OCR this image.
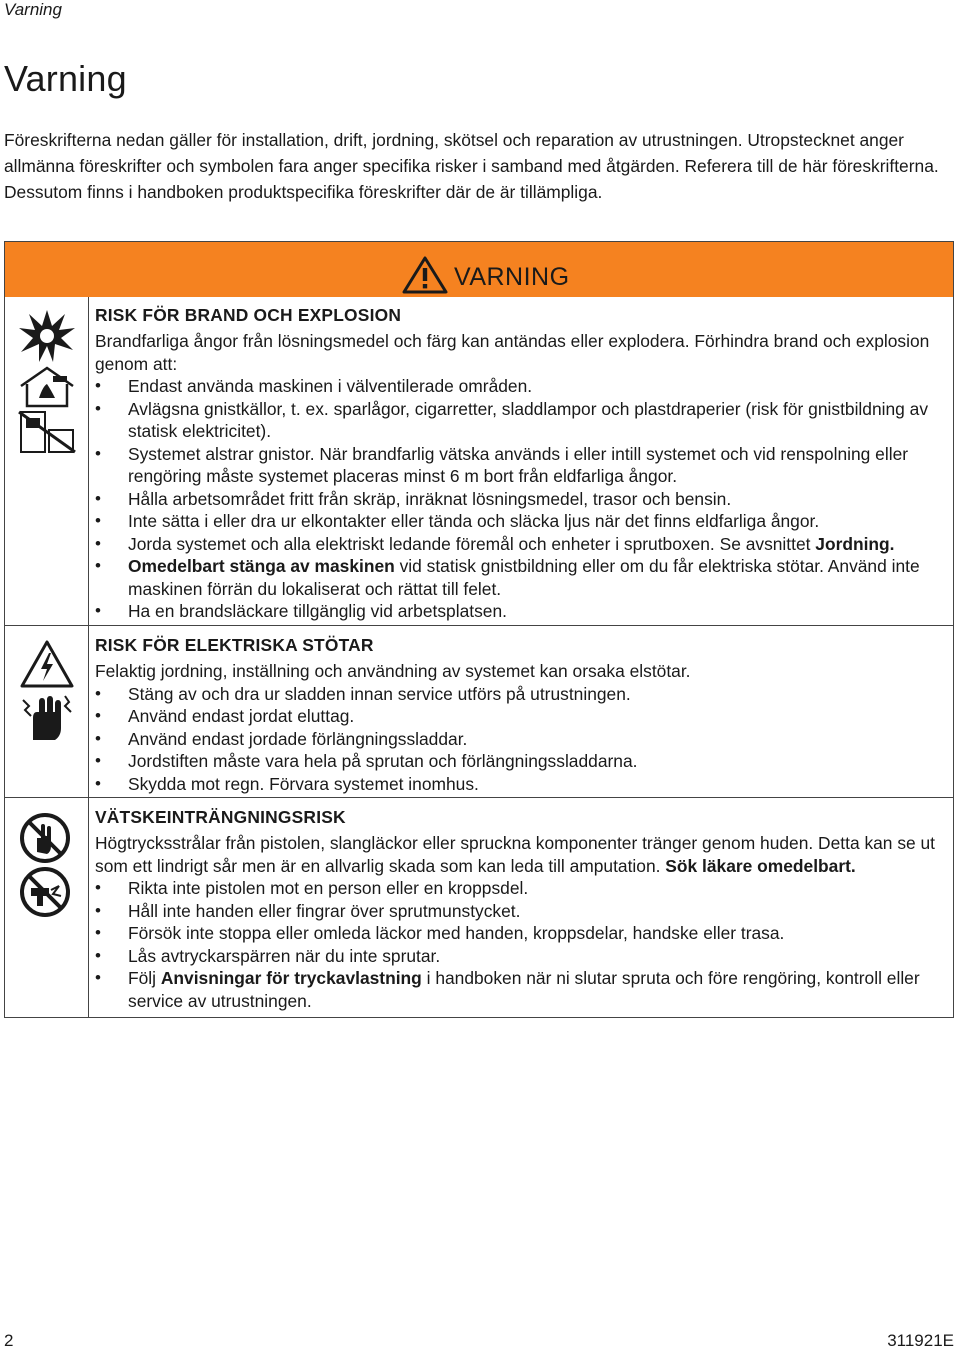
Varning
Varning

Föreskrifterna nedan gäller för installation, drift, jordning, skötsel och reparation av utrustningen. Utropstecknet anger allmänna föreskrifter och symbolen fara anger specifika risker i samband med åtgärden. Referera till de här föreskrifterna. Dessutom finns i handboken produktspecifika föreskrifter där de är tillämpliga.

VARNING
RISK FÖR BRAND OCH EXPLOSION

Brandfarliga ångor från lösningsmedel och färg kan antändas eller explodera. Förhindra brand och explosion genom att:

• Endast använda maskinen i välventilerade områden.
• Avlägsna gnistkällor, t. ex. sparlågor, cigarretter, sladdlampor och plastdraperier (risk för gnistbildning av statisk elektricitet).
• Systemet alstrar gnistor. När brandfarlig vätska används i eller intill systemet och vid renspolning eller rengöring måste systemet placeras minst 6 m bort från eldfarliga ångor.
• Hålla arbetsområdet fritt från skräp, inräknat lösningsmedel, trasor och bensin.
• Inte sätta i eller dra ur elkontakter eller tända och släcka ljus när det finns eldfarliga ångor.
• Jorda systemet och alla elektriskt ledande föremål och enheter i sprutboxen. Se avsnittet Jordning.
• Omedelbart stänga av maskinen vid statisk gnistbildning eller om du får elektriska stötar. Använd inte maskinen förrän du lokaliserat och rättat till felet.
• Ha en brandsläckare tillgänglig vid arbetsplatsen.
RISK FÖR ELEKTRISKA STÖTAR

Felaktig jordning, inställning och användning av systemet kan orsaka elstötar.

• Stäng av och dra ur sladden innan service utförs på utrustningen.
• Använd endast jordat eluttag.
• Använd endast jordade förlängningssladdar.
• Jordstiften måste vara hela på sprutan och förlängningssladdarna.
• Skydda mot regn. Förvara systemet inomhus.
VÄTSKEINTRÄNGNINGSRISK

Högtrycksstrålar från pistolen, slangläckor eller spruckna komponenter tränger genom huden. Detta kan se ut som ett lindrigt sår men är en allvarlig skada som kan leda till amputation. Sök läkare omedelbart.

• Rikta inte pistolen mot en person eller en kroppsdel.
• Håll inte handen eller fingrar över sprutmunstycket.
• Försök inte stoppa eller omleda läckor med handen, kroppsdelar, handske eller trasa.
• Lås avtryckarspärren när du inte sprutar.
• Följ Anvisningar för tryckavlastning i handboken när ni slutar spruta och före rengöring, kontroll eller service av utrustningen.
2	311921E
